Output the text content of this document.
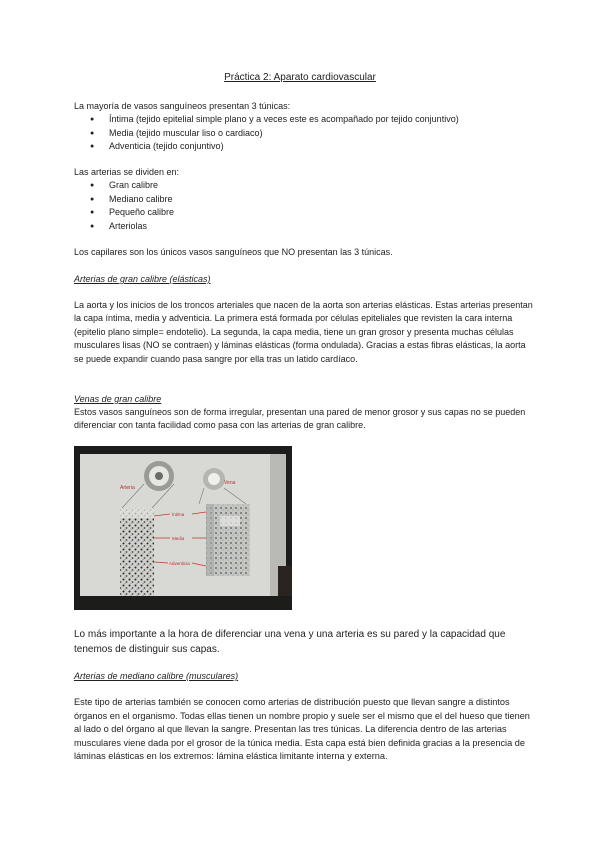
Práctica 2: Aparato cardiovascular

La mayoría de vasos sanguíneos presentan 3 túnicas:

● Íntima (tejido epitelial simple plano y a veces este es acompañado por tejido conjuntivo)
● Media (tejido muscular liso o cardiaco)
● Adventicia (tejido conjuntivo)

Las arterias se dividen en:

● Gran calibre
● Mediano calibre
● Pequeño calibre
● Arteriolas
Los capilares son los únicos vasos sanguíneos que NO presentan las 3 túnicas.
Arterias de gran calibre (elásticas)
La aorta y los inicios de los troncos arteriales que nacen de la aorta son arterias elásticas. Estas arterias presentan la capa íntima, media y adventicia. La primera está formada por células epiteliales que revisten la cara interna (epitelio plano simple= endotelio). La segunda, la capa media, tiene un gran grosor y presenta muchas células musculares lisas (NO se contraen) y láminas elásticas (forma ondulada). Gracias a estas fibras elásticas, la aorta se puede expandir cuando pasa sangre por ella tras un latido cardíaco.
Venas de gran calibre
Estos vasos sanguíneos son de forma irregular, presentan una pared de menor grosor y sus capas no se pueden diferenciar con tanta facilidad como pasa con las arterias de gran calibre.
Arteria
Vena
Íntima
Media
Adventicia
Lo más importante a la hora de diferenciar una vena y una arteria es su pared y la capacidad que tenemos de distinguir sus capas.
Arterias de mediano calibre (musculares)
Este tipo de arterias también se conocen como arterias de distribución puesto que llevan sangre a distintos órganos en el organismo. Todas ellas tienen un nombre propio y suele ser el mismo que el del hueso que tienen al lado o del órgano al que llevan la sangre. Presentan las tres túnicas. La diferencia dentro de las arterias musculares viene dada por el grosor de la túnica media. Esta capa está bien definida gracias a la presencia de láminas elásticas en los extremos: lámina elástica limitante interna y externa.
